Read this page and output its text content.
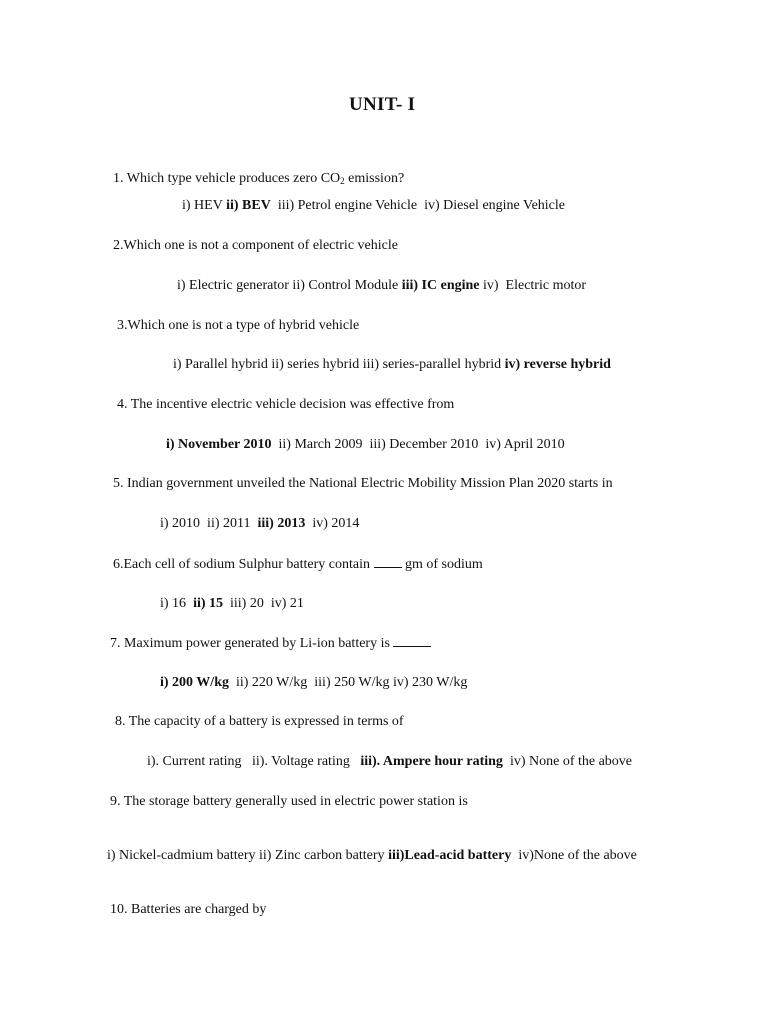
UNIT- I
1. Which type vehicle produces zero $CO_2$ emission?
i) HEV ii) BEV  iii) Petrol engine Vehicle  iv) Diesel engine Vehicle
2.Which one is not a component of electric vehicle
i) Electric generator ii) Control Module iii) IC engine iv)  Electric motor
3.Which one is not a type of hybrid vehicle
i) Parallel hybrid ii) series hybrid iii) series-parallel hybrid iv) reverse hybrid
4. The incentive electric vehicle decision was effective from
i) November 2010  ii) March 2009  iii) December 2010  iv) April 2010
5. Indian government unveiled the National Electric Mobility Mission Plan 2020 starts in
i) 2010  ii) 2011  iii) 2013  iv) 2014
6.Each cell of sodium Sulphur battery contain  gm of sodium
i) 16  ii) 15  iii) 20  iv) 21
7. Maximum power generated by Li-ion battery is
i) 200 W/kg  ii) 220 W/kg  iii) 250 W/kg iv) 230 W/kg
8. The capacity of a battery is expressed in terms of
i). Current rating   ii). Voltage rating   iii). Ampere hour rating  iv) None of the above
9. The storage battery generally used in electric power station is
i) Nickel-cadmium battery ii) Zinc carbon battery iii)Lead-acid battery  iv)None of the above
10. Batteries are charged by
